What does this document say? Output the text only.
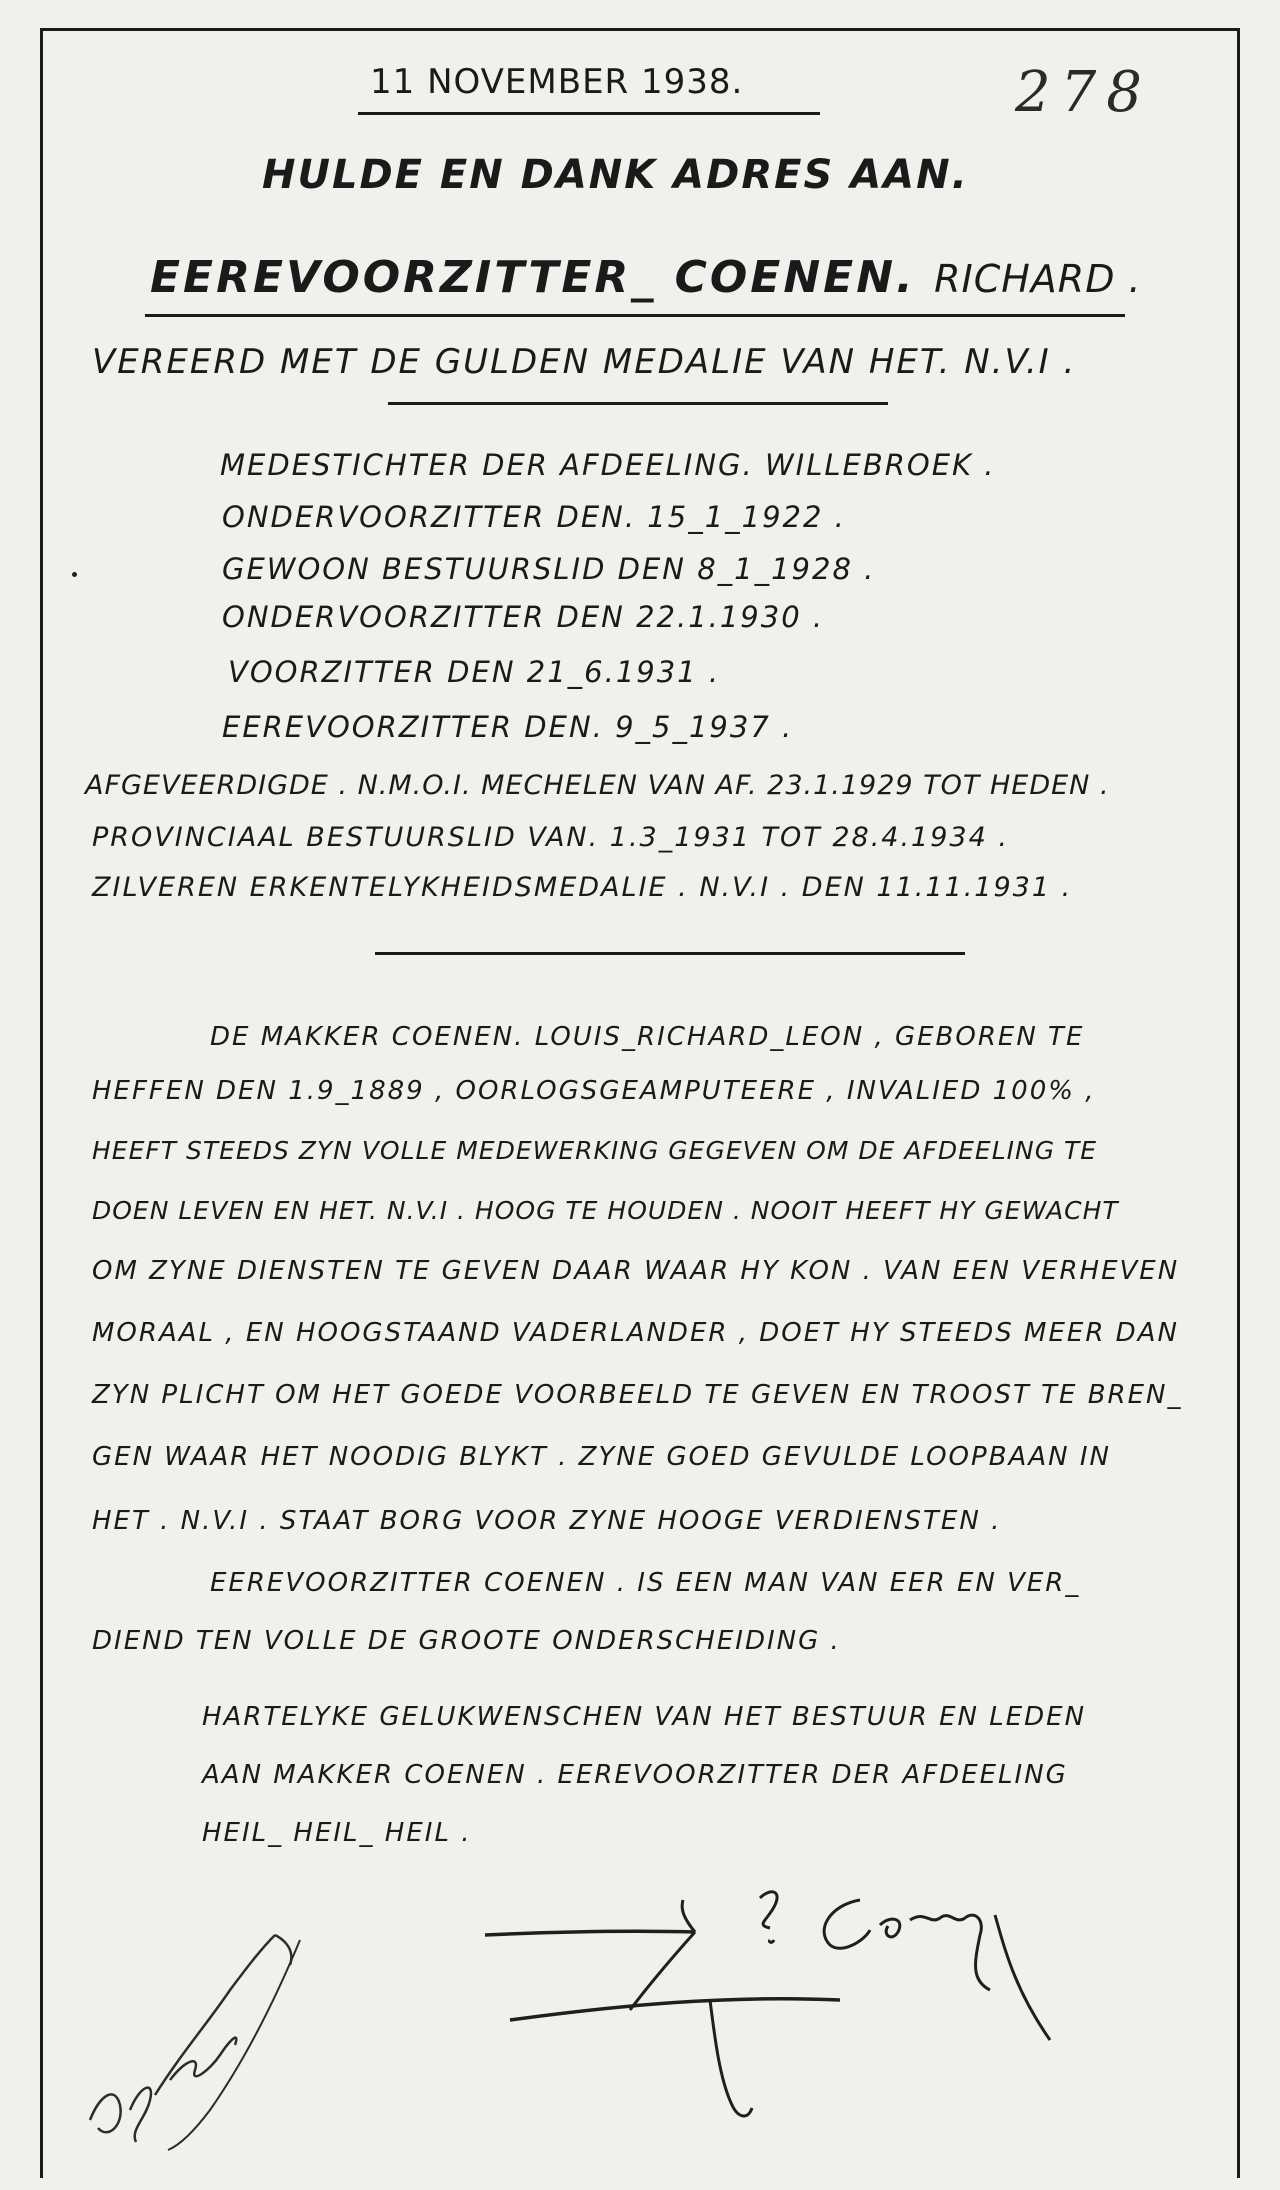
11 NOVEMBER 1938.	278
HULDE EN DANK ADRES AAN.
EEREVOORZITTER_ COENEN. RICHARD .
VEREERD MET DE GULDEN MEDALIE VAN HET. N.V.I .
MEDESTICHTER DER AFDEELING. WILLEBROEK .
ONDERVOORZITTER DEN. 15_1_1922 .
GEWOON BESTUURSLID DEN 8_1_1928 .
ONDERVOORZITTER DEN 22.1.1930 .
VOORZITTER DEN 21_6.1931 .
EEREVOORZITTER DEN. 9_5_1937 .
AFGEVEERDIGDE . N.M.O.I. MECHELEN VAN AF. 23.1.1929 TOT HEDEN .
PROVINCIAAL BESTUURSLID VAN. 1.3_1931 TOT 28.4.1934 .
ZILVEREN ERKENTELYKHEIDSMEDALIE . N.V.I . DEN 11.11.1931 .
DE MAKKER COENEN. LOUIS_RICHARD_LEON , GEBOREN TE
HEFFEN DEN 1.9_1889 , OORLOGSGEAMPUTEERE , INVALIED 100% ,
HEEFT STEEDS ZYN VOLLE MEDEWERKING GEGEVEN OM DE AFDEELING TE
DOEN LEVEN EN HET. N.V.I . HOOG TE HOUDEN . NOOIT HEEFT HY GEWACHT
OM ZYNE DIENSTEN TE GEVEN DAAR WAAR HY KON . VAN EEN VERHEVEN
MORAAL , EN HOOGSTAAND VADERLANDER , DOET HY STEEDS MEER DAN
ZYN PLICHT OM HET GOEDE VOORBEELD TE GEVEN EN TROOST TE BREN_
GEN WAAR HET NOODIG BLYKT . ZYNE GOED GEVULDE LOOPBAAN IN
HET . N.V.I . STAAT BORG VOOR ZYNE HOOGE VERDIENSTEN .
EEREVOORZITTER COENEN . IS EEN MAN VAN EER EN VER_
DIEND TEN VOLLE DE GROOTE ONDERSCHEIDING .
HARTELYKE GELUKWENSCHEN VAN HET BESTUUR EN LEDEN
AAN MAKKER COENEN . EEREVOORZITTER DER AFDEELING
HEIL_ HEIL_ HEIL .
